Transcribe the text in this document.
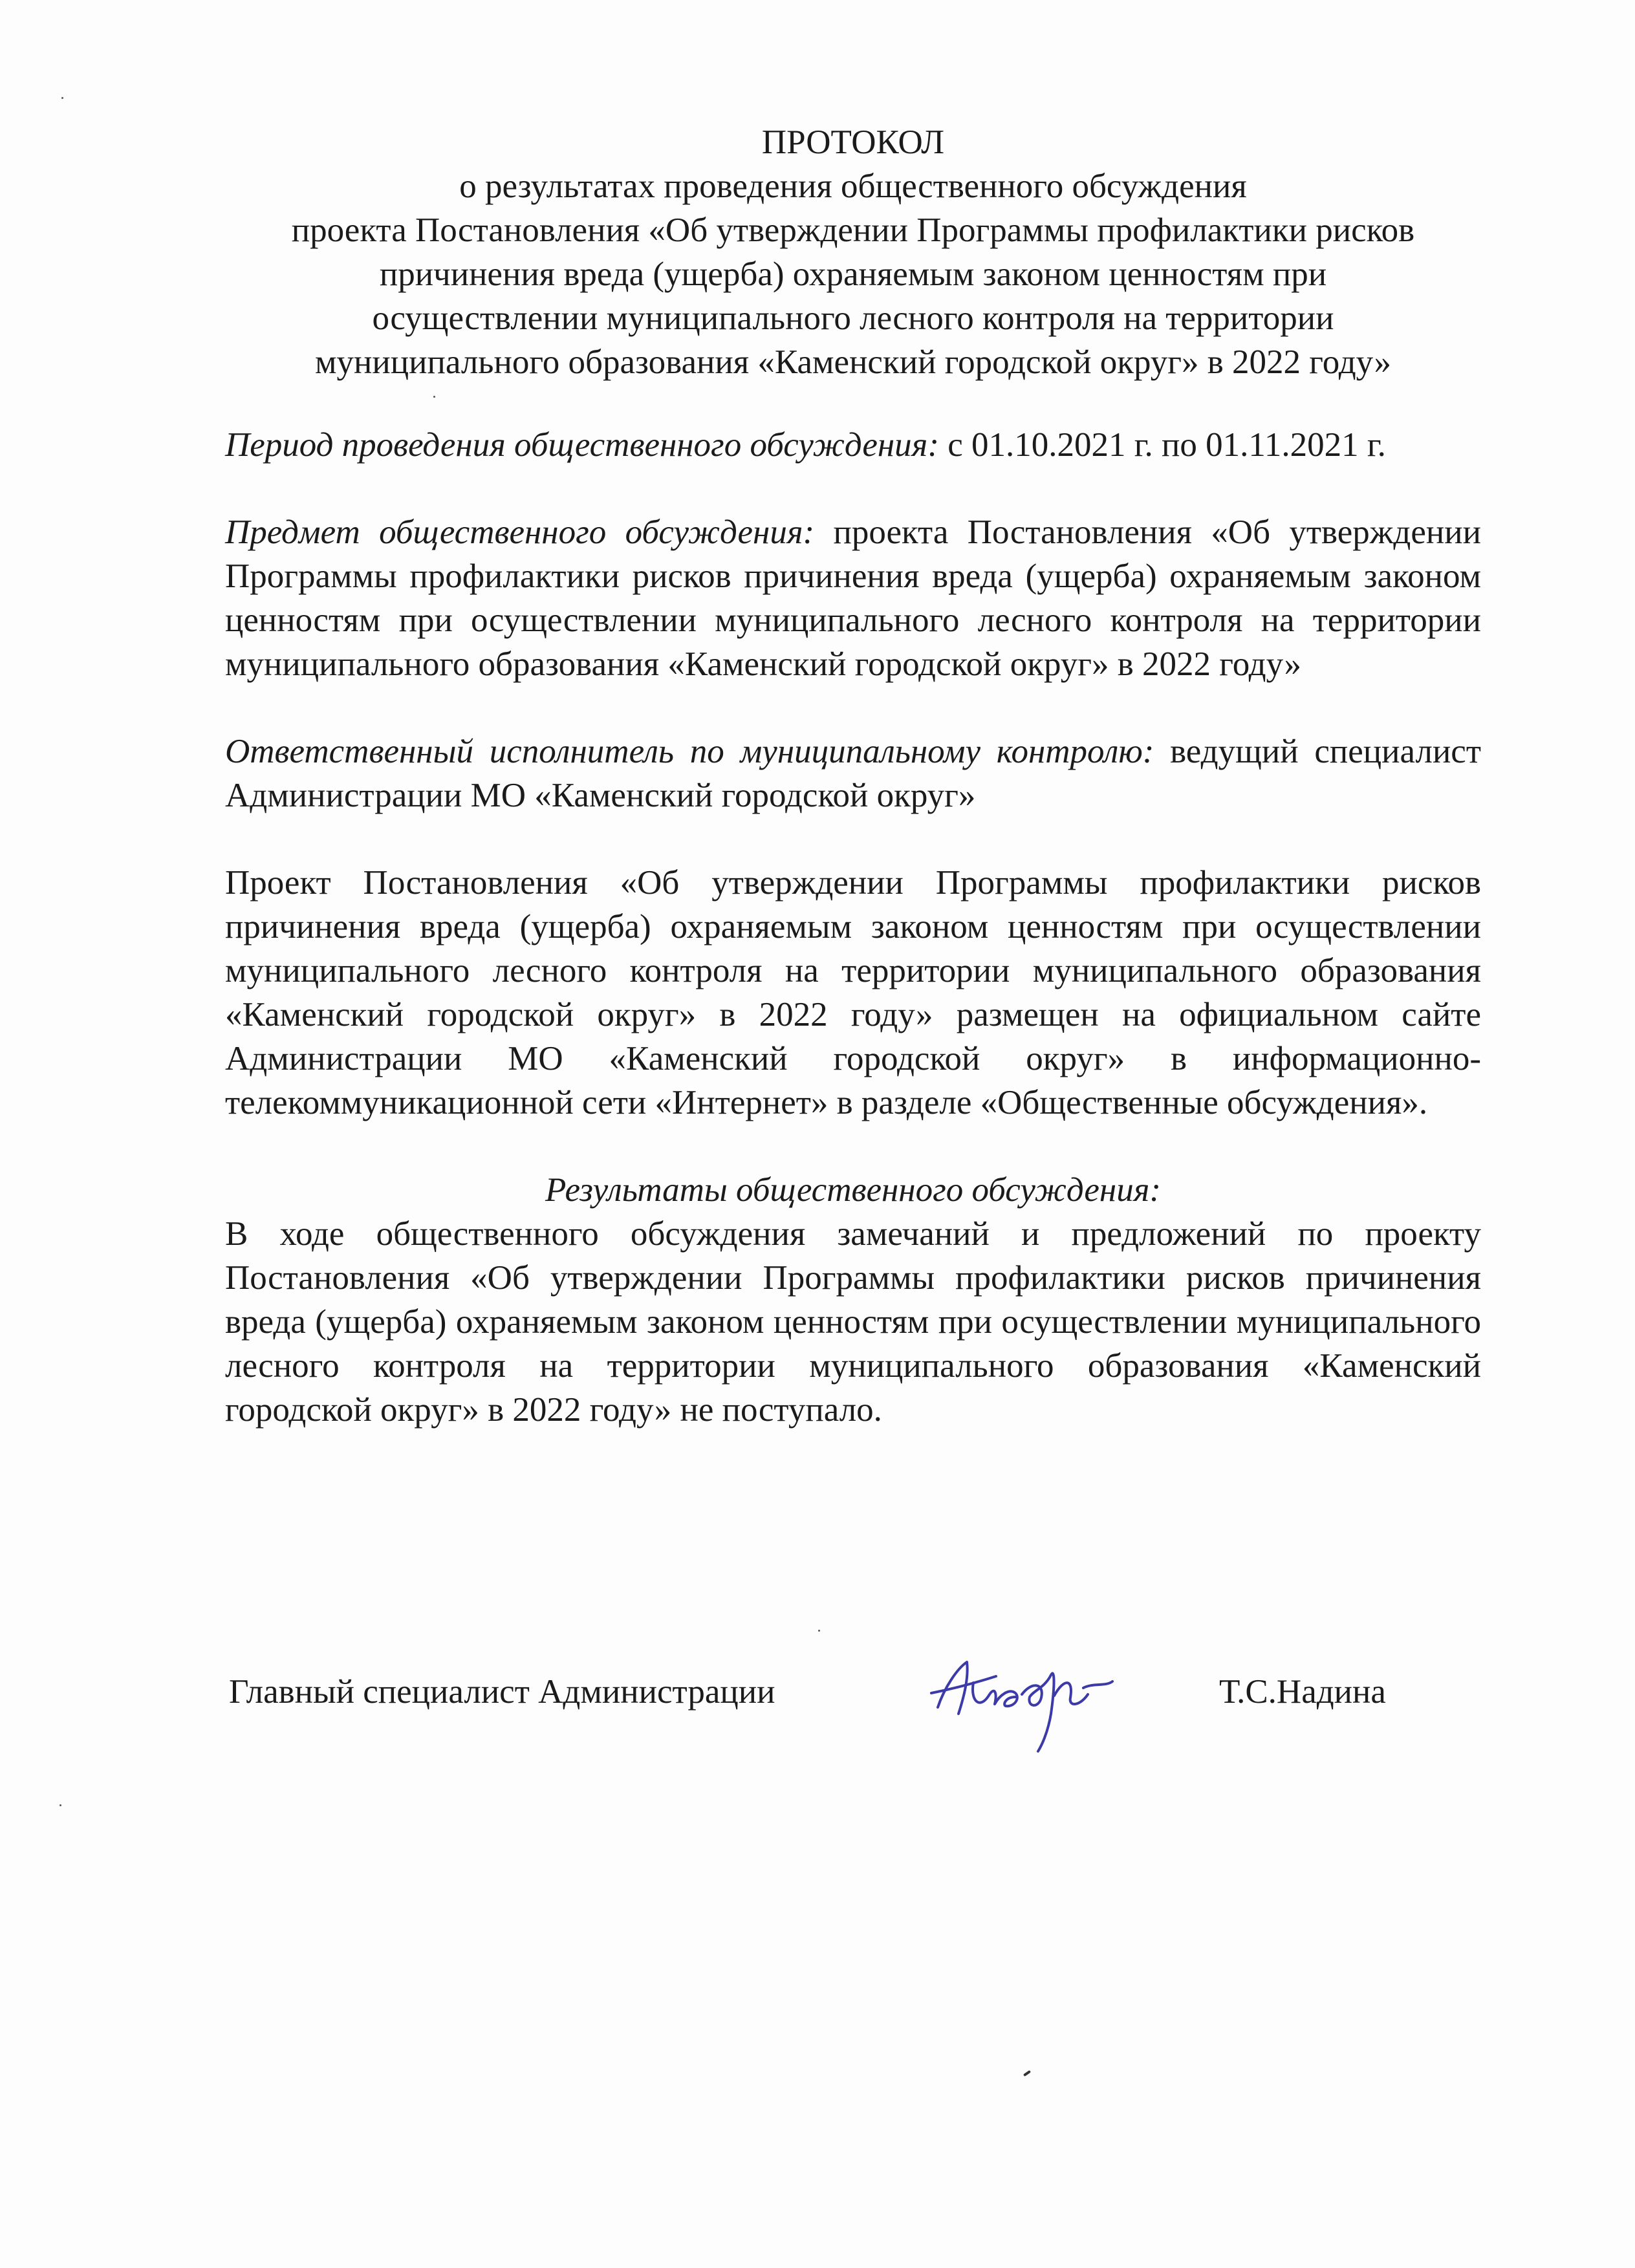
ПРОТОКОЛ
о результатах проведения общественного обсуждения
проекта Постановления «Об утверждении Программы профилактики рисков
причинения вреда (ущерба) охраняемым законом ценностям при
осуществлении муниципального лесного контроля на территории
муниципального образования «Каменский городской округ» в 2022 году»

Период проведения общественного обсуждения: с 01.10.2021 г. по 01.11.2021 г.

Предмет общественного обсуждения: проекта Постановления «Об утверждении Программы профилактики рисков причинения вреда (ущерба) охраняемым законом ценностям при осуществлении муниципального лесного контроля на территории муниципального образования «Каменский городской округ» в 2022 году»

Ответственный исполнитель по муниципальному контролю: ведущий специалист Администрации МО «Каменский городской округ»

Проект Постановления «Об утверждении Программы профилактики рисков причинения вреда (ущерба) охраняемым законом ценностям при осуществлении муниципального лесного контроля на территории муниципального образования «Каменский городской округ» в 2022 году» размещен на официальном сайте Администрации МО «Каменский городской округ» в информационно-телекоммуникационной сети «Интернет» в разделе «Общественные обсуждения».

Результаты общественного обсуждения:

В ходе общественного обсуждения замечаний и предложений по проекту Постановления «Об утверждении Программы профилактики рисков причинения вреда (ущерба) охраняемым законом ценностям при осуществлении муниципального лесного контроля на территории муниципального образования «Каменский городской округ» в 2022 году» не поступало.

Главный специалист Администрации	Т.С.Надина
